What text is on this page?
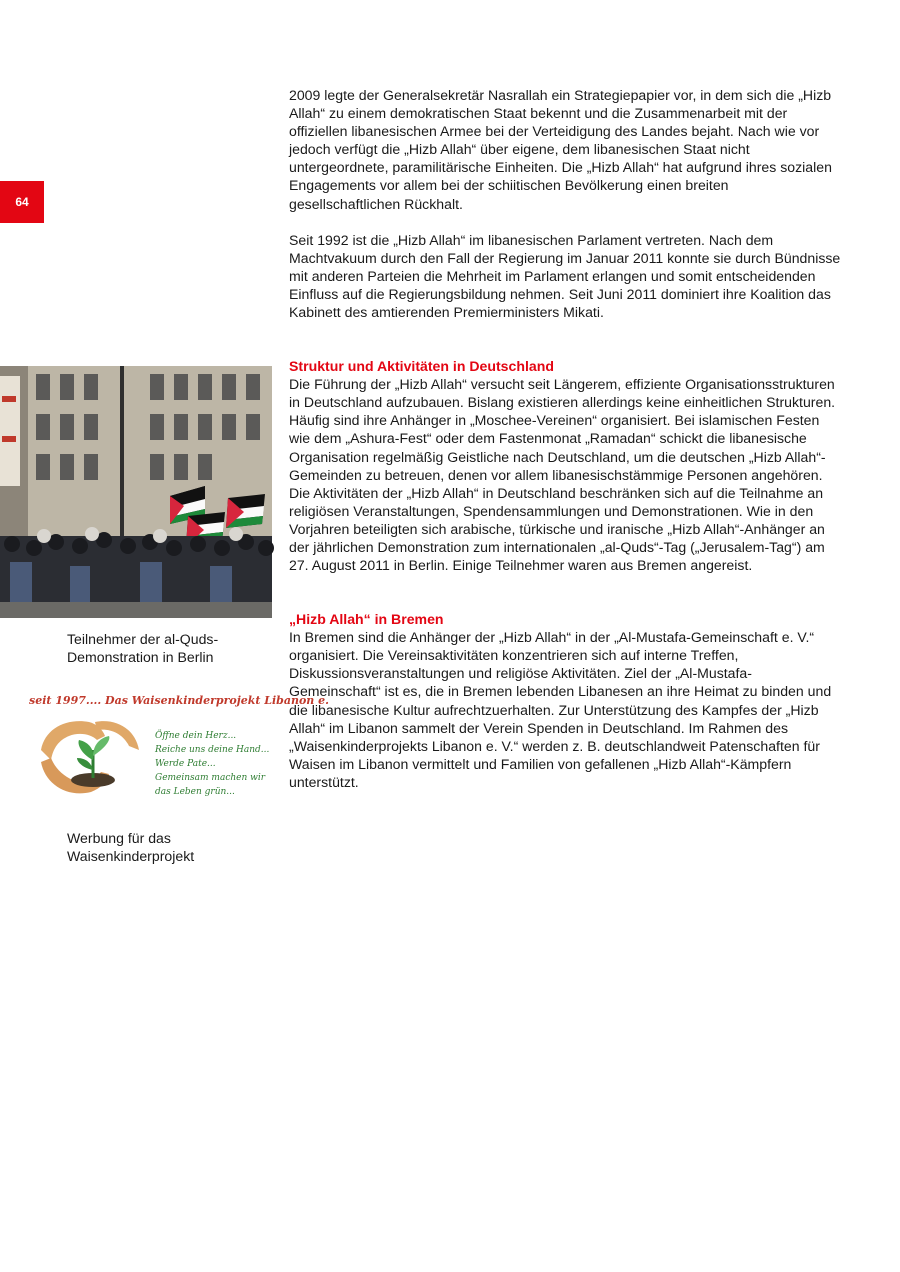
64
Teilnehmer der al-Quds-Demonstration in Berlin
seit 1997.... Das Waisenkinderprojekt Libanon e.
Öffne dein Herz...
Reiche uns deine Hand...
Werde Pate...
Gemeinsam machen wir
das Leben grün...
Werbung für das Waisenkinderprojekt

2009 legte der Generalsekretär Nasrallah ein Strategiepapier vor, in dem sich die „Hizb Allah“ zu einem demokratischen Staat bekennt und die Zusammenarbeit mit der offiziellen libanesischen Armee bei der Verteidigung des Landes bejaht. Nach wie vor jedoch verfügt die „Hizb Allah“ über eigene, dem libanesischen Staat nicht untergeordnete, paramilitärische Einheiten. Die „Hizb Allah“ hat aufgrund ihres sozialen Engagements vor allem bei der schiitischen Bevölkerung einen breiten gesellschaftlichen Rückhalt.

Seit 1992 ist die „Hizb Allah“ im libanesischen Parlament vertreten. Nach dem Machtvakuum durch den Fall der Regierung im Januar 2011 konnte sie durch Bündnisse mit anderen Parteien die Mehrheit im Parlament erlangen und somit entscheidenden Einfluss auf die Regierungsbildung nehmen. Seit Juni 2011 dominiert ihre Koalition das Kabinett des amtierenden Premierministers Mikati.

Struktur und Aktivitäten in Deutschland

Die Führung der „Hizb Allah“ versucht seit Längerem, effiziente Organisationsstrukturen in Deutschland aufzubauen. Bislang existieren allerdings keine einheitlichen Strukturen. Häufig sind ihre Anhänger in „Moschee-Vereinen“ organisiert. Bei islamischen Festen wie dem „Ashura-Fest“ oder dem Fastenmonat „Ramadan“ schickt die libanesische Organisation regelmäßig Geistliche nach Deutschland, um die deutschen „Hizb Allah“-Gemeinden zu betreuen, denen vor allem libanesischstämmige Personen angehören. Die Aktivitäten der „Hizb Allah“ in Deutschland beschränken sich auf die Teilnahme an religiösen Veranstaltungen, Spendensammlungen und Demonstrationen. Wie in den Vorjahren beteiligten sich arabische, türkische und iranische „Hizb Allah“-Anhänger an der jährlichen Demonstration zum internationalen „al-Quds“-Tag („Jerusalem-Tag“) am 27. August 2011 in Berlin. Einige Teilnehmer waren aus Bremen angereist.

„Hizb Allah“ in Bremen

In Bremen sind die Anhänger der „Hizb Allah“ in der „Al-Mustafa-Gemeinschaft e. V.“ organisiert. Die Vereinsaktivitäten konzentrieren sich auf interne Treffen, Diskussionsveranstaltungen und religiöse Aktivitäten. Ziel der „Al-Mustafa-Gemeinschaft“ ist es, die in Bremen lebenden Libanesen an ihre Heimat zu binden und die libanesische Kultur aufrechtzuerhalten. Zur Unterstützung des Kampfes der „Hizb Allah“ im Libanon sammelt der Verein Spenden in Deutschland. Im Rahmen des „Waisenkinderprojekts Libanon e. V.“ werden z. B. deutschlandweit Patenschaften für Waisen im Libanon vermittelt und Familien von gefallenen „Hizb Allah“-Kämpfern unterstützt.
